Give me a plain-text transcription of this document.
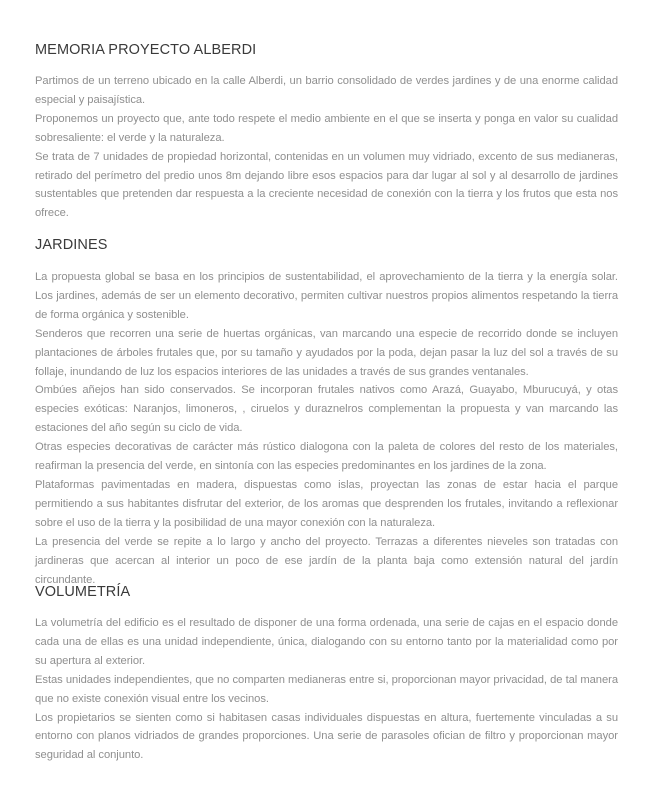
MEMORIA PROYECTO ALBERDI

Partimos de un terreno ubicado en la calle Alberdi, un barrio consolidado de verdes jardines y de una enorme calidad especial y paisajística.

Proponemos un proyecto que, ante todo respete el medio ambiente en el que se inserta y ponga en valor su cualidad sobresaliente: el verde y la naturaleza.

Se trata de 7 unidades de propiedad horizontal, contenidas en un volumen muy vidriado, excento de sus medianeras, retirado del perímetro del predio unos 8m dejando libre esos espacios para dar lugar al sol y al desarrollo de jardines sustentables que pretenden dar respuesta a la creciente necesidad de conexión con la tierra y los frutos que esta nos ofrece.

JARDINES

La propuesta global se basa en los principios de sustentabilidad, el aprovechamiento de la tierra y la energía solar. Los jardines, además de ser un elemento decorativo, permiten cultivar nuestros propios alimentos respetando la tierra de forma orgánica y sostenible.

Senderos que recorren una serie de huertas orgánicas, van marcando una especie de recorrido donde se incluyen plantaciones de árboles frutales que, por su tamaño y ayudados por la poda, dejan pasar la luz del sol a través de su follaje, inundando de luz los espacios interiores de las unidades a través de sus grandes ventanales.

Ombúes añejos han sido conservados. Se incorporan frutales nativos como Arazá, Guayabo, Mburucuyá, y otas especies exóticas: Naranjos, limoneros, , ciruelos y duraznelros complementan la propuesta y van marcando las estaciones del año según su ciclo de vida.

Otras especies decorativas de carácter más rústico dialogona con la paleta de colores del resto de los materiales, reafirman la presencia del verde, en sintonía con las especies predominantes en los jardines de la zona.

Plataformas pavimentadas en madera, dispuestas como islas, proyectan las zonas de estar hacia el parque permitiendo a sus habitantes disfrutar del exterior, de los aromas que desprenden los frutales, invitando a reflexionar sobre el uso de la tierra y la posibilidad de una mayor conexión con la naturaleza.

La presencia del verde se repite a lo largo y ancho del proyecto. Terrazas a diferentes nieveles son tratadas con jardineras que acercan al interior un poco de ese jardín de la planta baja como extensión natural del jardín circundante.

VOLUMETRÍA

La volumetría del edificio es el resultado de disponer de una forma ordenada, una serie de cajas en el espacio donde cada una de ellas es una unidad independiente, única, dialogando con su entorno tanto por la materialidad como por su apertura al exterior.

Estas unidades independientes, que no comparten medianeras entre si, proporcionan mayor privacidad, de tal manera que no existe conexión visual entre los vecinos.

Los propietarios se sienten como si habitasen casas individuales dispuestas en altura, fuertemente vinculadas a su entorno con planos vidriados de grandes proporciones. Una serie de parasoles ofician de filtro y proporcionan mayor seguridad al conjunto.
